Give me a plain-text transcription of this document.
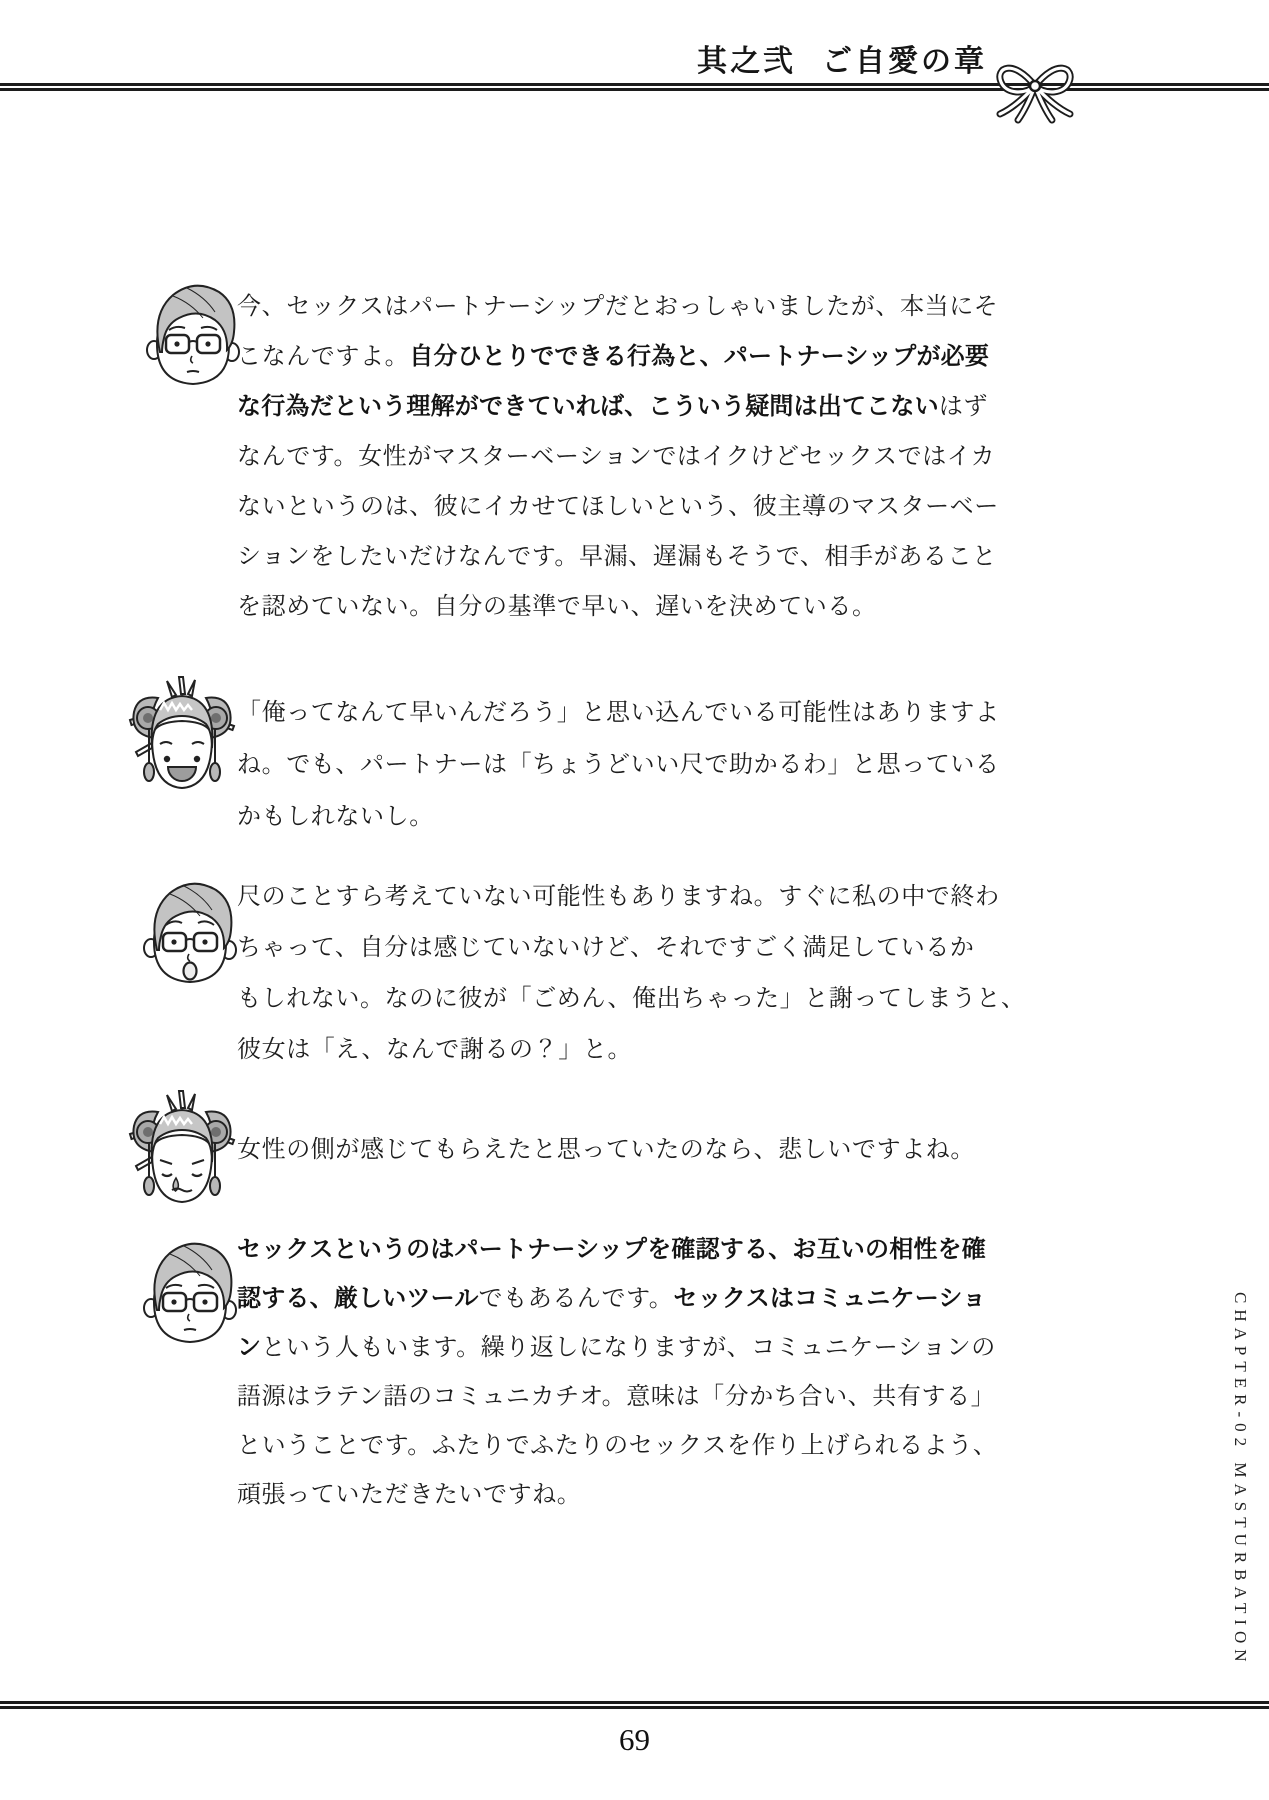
其之弐 ご自愛の章
今、セックスはパートナーシップだとおっしゃいましたが、本当にそ
こなんですよ。 自分ひとりでできる行為と、パートナーシップが必要
な行為だという理解ができていれば、こういう疑問は出てこない はず
なんです。女性がマスターベーションではイクけどセックスではイカ
ないというのは、彼にイカせてほしいという、彼主導のマスターベー
ションをしたいだけなんです。早漏、遅漏もそうで、相手があること
を認めていない。自分の基準で早い、遅いを決めている。
「俺ってなんて早いんだろう」と思い込んでいる可能性はありますよ
ね。でも、パートナーは「ちょうどいい尺で助かるわ」と思っている
かもしれないし。
尺のことすら考えていない可能性もありますね。すぐに私の中で終わ
ちゃって、自分は感じていないけど、それですごく満足しているか
もしれない。なのに彼が「ごめん、俺出ちゃった」と謝ってしまうと、
彼女は「え、なんで謝るの？」と。
女性の側が感じてもらえたと思っていたのなら、悲しいですよね。
セックスというのはパートナーシップを確認する、お互いの相性を確
認する、厳しいツール でもあるんです。 セックスはコミュニケーショ
ン という人もいます。繰り返しになりますが、コミュニケーションの
語源はラテン語のコミュニカチオ。意味は「分かち合い、共有する」
ということです。ふたりでふたりのセックスを作り上げられるよう、
頑張っていただきたいですね。	CHAPTER-02 MASTURBATION
69
